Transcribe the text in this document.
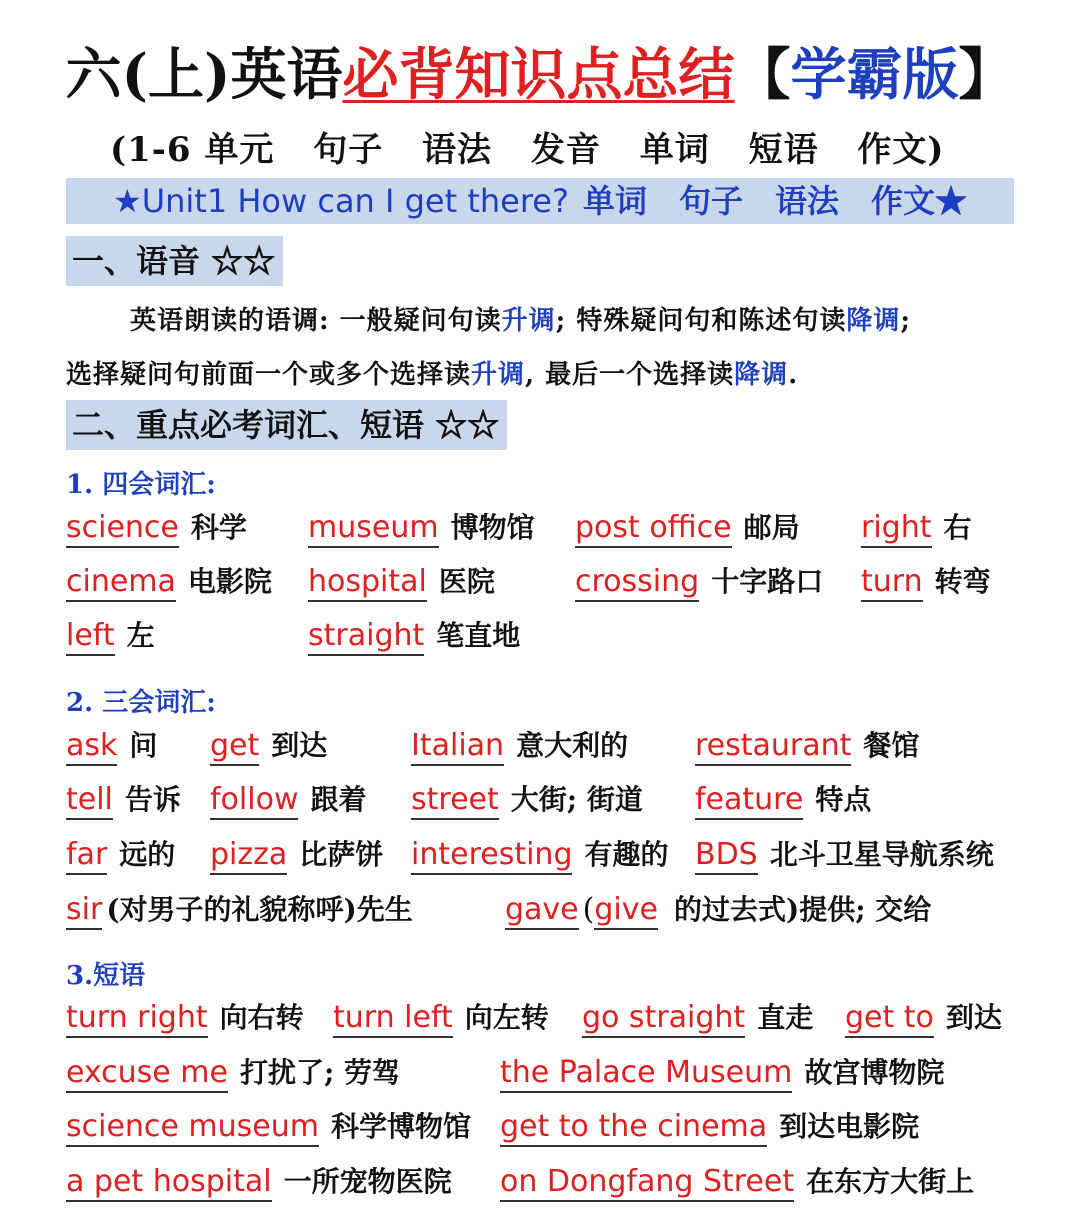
六(上)英语必背知识点总结【学霸版】
(1-6 单元 句子 语法 发音 单词 短语 作文)
★Unit1 How can I get there? 单词　句子　语法　作文★
一、语音 ☆☆
英语朗读的语调: 一般疑问句读升调; 特殊疑问句和陈述句读降调;
选择疑问句前面一个或多个选择读升调, 最后一个选择读降调.
二、重点必考词汇、短语 ☆☆
1. 四会词汇:
science 科学 museum 博物馆 post office 邮局 right 右
cinema 电影院 hospital 医院	crossing 十字路口 turn 转弯
left 左	straight 笔直地
2. 三会词汇:
ask 问 get 到达	Italian 意大利的 restaurant 餐馆
tell 告诉 follow 跟着 street 大街; 街道 feature 特点
far 远的 pizza 比萨饼 interesting 有趣的 BDS 北斗卫星导航系统
sir (对男子的礼貌称呼)先生	gave (give 的过去式)提供; 交给
3.短语
turn right 向右转 turn left 向左转 go straight 直走 get to 到达
excuse me 打扰了; 劳驾	the Palace Museum 故宫博物院
science museum 科学博物馆 get to the cinema 到达电影院
a pet hospital 一所宠物医院 on Dongfang Street 在东方大街上
